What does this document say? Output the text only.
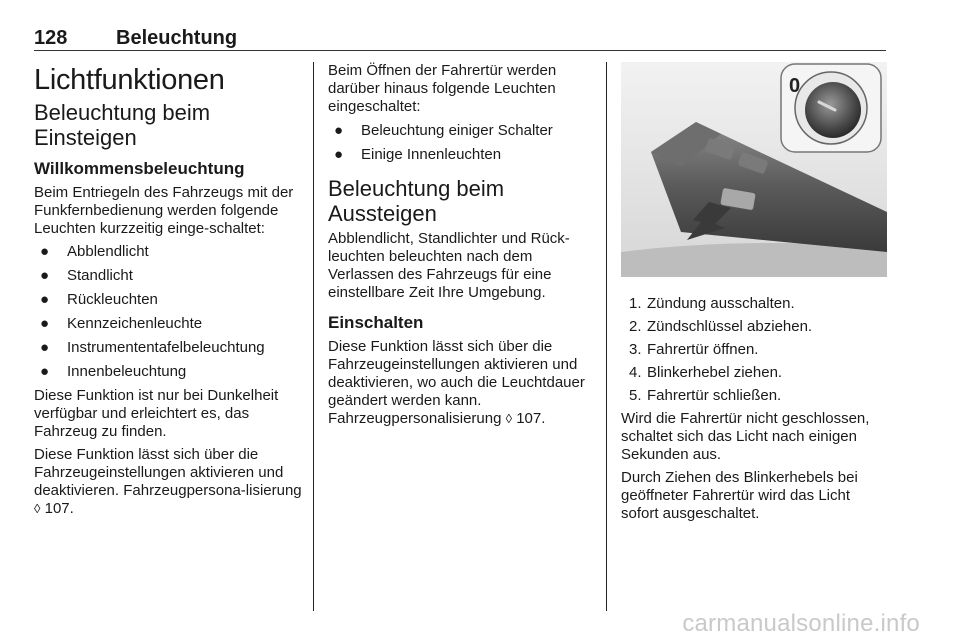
128 Beleuchtung
Lichtfunktionen
Beleuchtung beim Einsteigen
Willkommensbeleuchtung

Beim Entriegeln des Fahrzeugs mit der Funkfernbedienung werden folgende Leuchten kurzzeitig einge-schaltet:

● Abblendlicht
● Standlicht
● Rückleuchten
● Kennzeichenleuchte
● Instrumententafelbeleuchtung
● Innenbeleuchtung

Diese Funktion ist nur bei Dunkelheit verfügbar und erleichtert es, das Fahrzeug zu finden.

Diese Funktion lässt sich über die Fahrzeugeinstellungen aktivieren und deaktivieren. Fahrzeugpersona-lisierung ◊ 107.

Beim Öffnen der Fahrertür werden darüber hinaus folgende Leuchten eingeschaltet:

● Beleuchtung einiger Schalter
● Einige Innenleuchten
Beleuchtung beim Aussteigen

Abblendlicht, Standlichter und Rück-leuchten beleuchten nach dem Verlassen des Fahrzeugs für eine einstellbare Zeit Ihre Umgebung.

Einschalten

Diese Funktion lässt sich über die Fahrzeugeinstellungen aktivieren und deaktivieren, wo auch die Leuchtdauer geändert werden kann. Fahrzeugpersonalisierung ◊ 107.

0
1. Zündung ausschalten.
2. Zündschlüssel abziehen.
3. Fahrertür öffnen.
4. Blinkerhebel ziehen.
5. Fahrertür schließen.

Wird die Fahrertür nicht geschlossen, schaltet sich das Licht nach einigen Sekunden aus.

Durch Ziehen des Blinkerhebels bei geöffneter Fahrertür wird das Licht sofort ausgeschaltet.

carmanualsonline.info
